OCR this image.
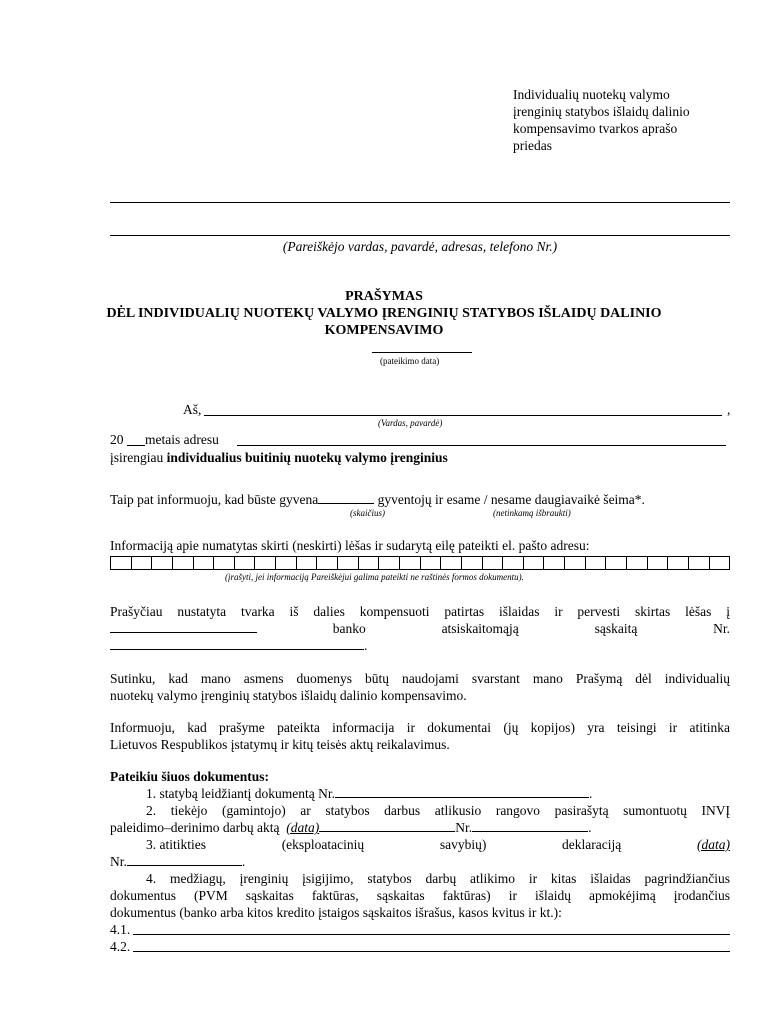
Individualių nuotekų valymo
įrenginių statybos išlaidų dalinio
kompensavimo tvarkos aprašo
priedas
(Pareiškėjo vardas, pavardė, adresas, telefono Nr.)
PRAŠYMAS
DĖL INDIVIDUALIŲ NUOTEKŲ VALYMO ĮRENGINIŲ STATYBOS IŠLAIDŲ DALINIO
KOMPENSAVIMO
(pateikimo data)
Aš,	,
(Vardas, pavardė)
20 metais adresu
įsirengiau individualius buitinių nuotekų valymo įrenginius
Taip pat informuoju, kad būste gyvena	gyventojų ir esame / nesame daugiavaikė šeima*.
(skaičius)	(netinkamą išbraukti)
Informaciją apie numatytas skirti (neskirti) lėšas ir sudarytą eilę pateikti el. pašto adresu:
(įrašyti, jei informaciją Pareiškėjui galima pateikti ne raštinės formos dokumentu).
Prašyčiau nustatyta tvarka iš dalies kompensuoti patirtas išlaidas ir pervesti skirtas lėšas į
banko	atsiskaitomąją	sąskaitą	Nr.
.
Sutinku, kad mano asmens duomenys būtų naudojami svarstant mano Prašymą dėl individualių
nuotekų valymo įrenginių statybos išlaidų dalinio kompensavimo.
Informuoju, kad prašyme pateikta informacija ir dokumentai (jų kopijos) yra teisingi ir atitinka
Lietuvos Respublikos įstatymų ir kitų teisės aktų reikalavimus.
Pateikiu šiuos dokumentus:
1. statybą leidžiantį dokumentą Nr.	.
2. tiekėjo (gamintojo) ar statybos darbus atlikusio rangovo pasirašytą sumontuotų INVĮ
paleidimo–derinimo darbų aktą (data)	Nr.	.
3. atitikties	(eksploatacinių	savybių)	deklaraciją	(data)
Nr.	.
4. medžiagų, įrenginių įsigijimo, statybos darbų atlikimo ir kitas išlaidas pagrindžiančius
dokumentus (PVM sąskaitas faktūras, sąskaitas faktūras) ir išlaidų apmokėjimą įrodančius
dokumentus (banko arba kitos kredito įstaigos sąskaitos išrašus, kasos kvitus ir kt.):
4.1.
4.2.
